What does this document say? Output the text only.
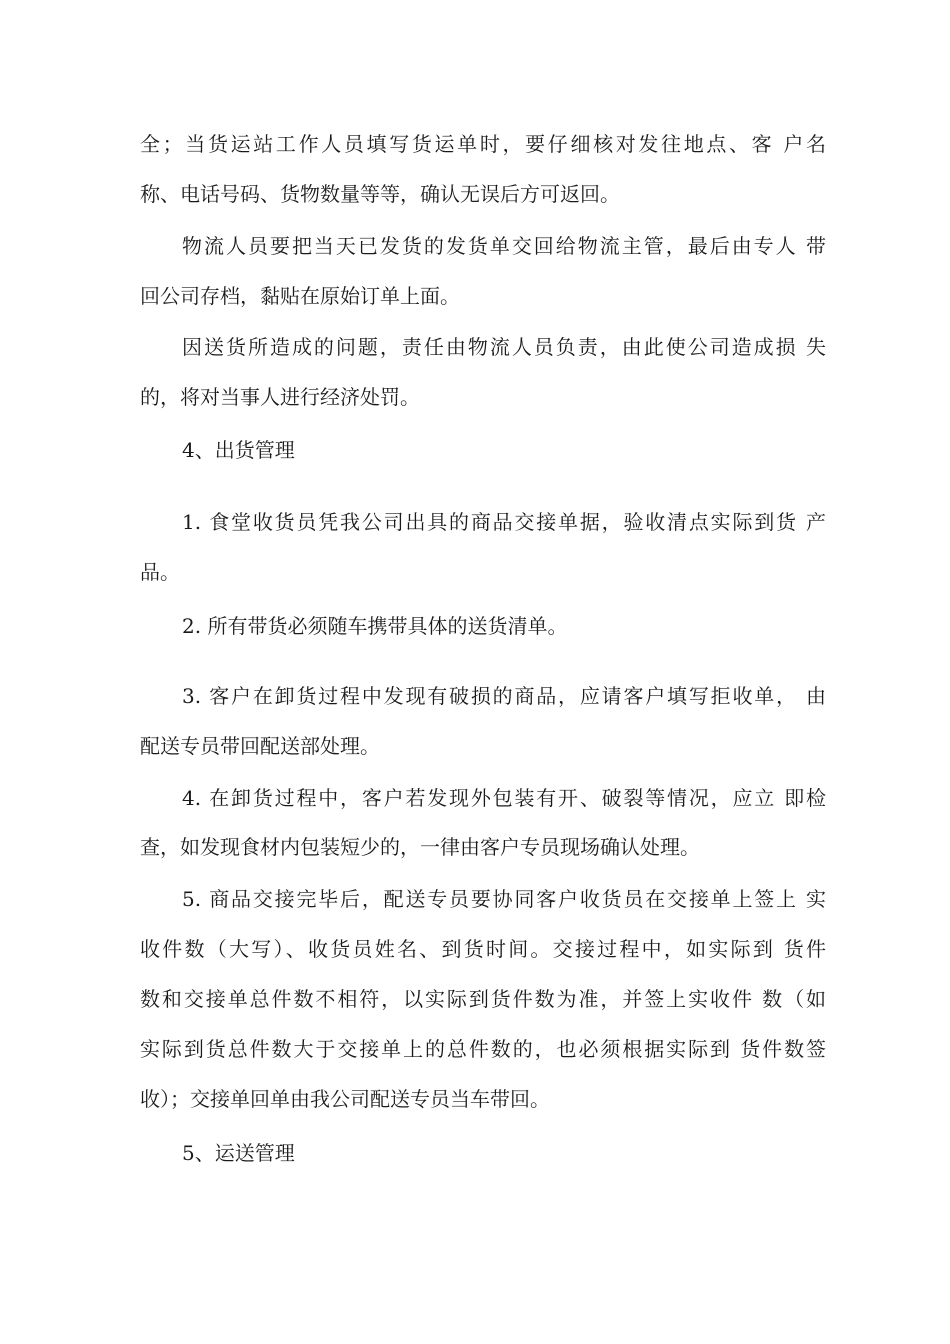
全；当货运站工作人员填写货运单时，要仔细核对发往地点、客 户名
称、电话号码、货物数量等等，确认无误后方可返回。
物流人员要把当天已发货的发货单交回给物流主管，最后由专人 带
回公司存档，黏贴在原始订单上面。
因送货所造成的问题，责任由物流人员负责，由此使公司造成损 失
的，将对当事人进行经济处罚。
4、出货管理
1. 食堂收货员凭我公司出具的商品交接单据，验收清点实际到货 产
品。
2. 所有带货必须随车携带具体的送货清单。
3. 客户在卸货过程中发现有破损的商品，应请客户填写拒收单， 由
配送专员带回配送部处理。
4. 在卸货过程中，客户若发现外包装有开、破裂等情况，应立 即检
查，如发现食材内包装短少的，一律由客户专员现场确认处理。
5. 商品交接完毕后，配送专员要协同客户收货员在交接单上签上 实
收件数（大写）、收货员姓名、到货时间。交接过程中，如实际到 货件
数和交接单总件数不相符，以实际到货件数为准，并签上实收件 数（如
实际到货总件数大于交接单上的总件数的，也必须根据实际到 货件数签
收）；交接单回单由我公司配送专员当车带回。
5、运送管理
